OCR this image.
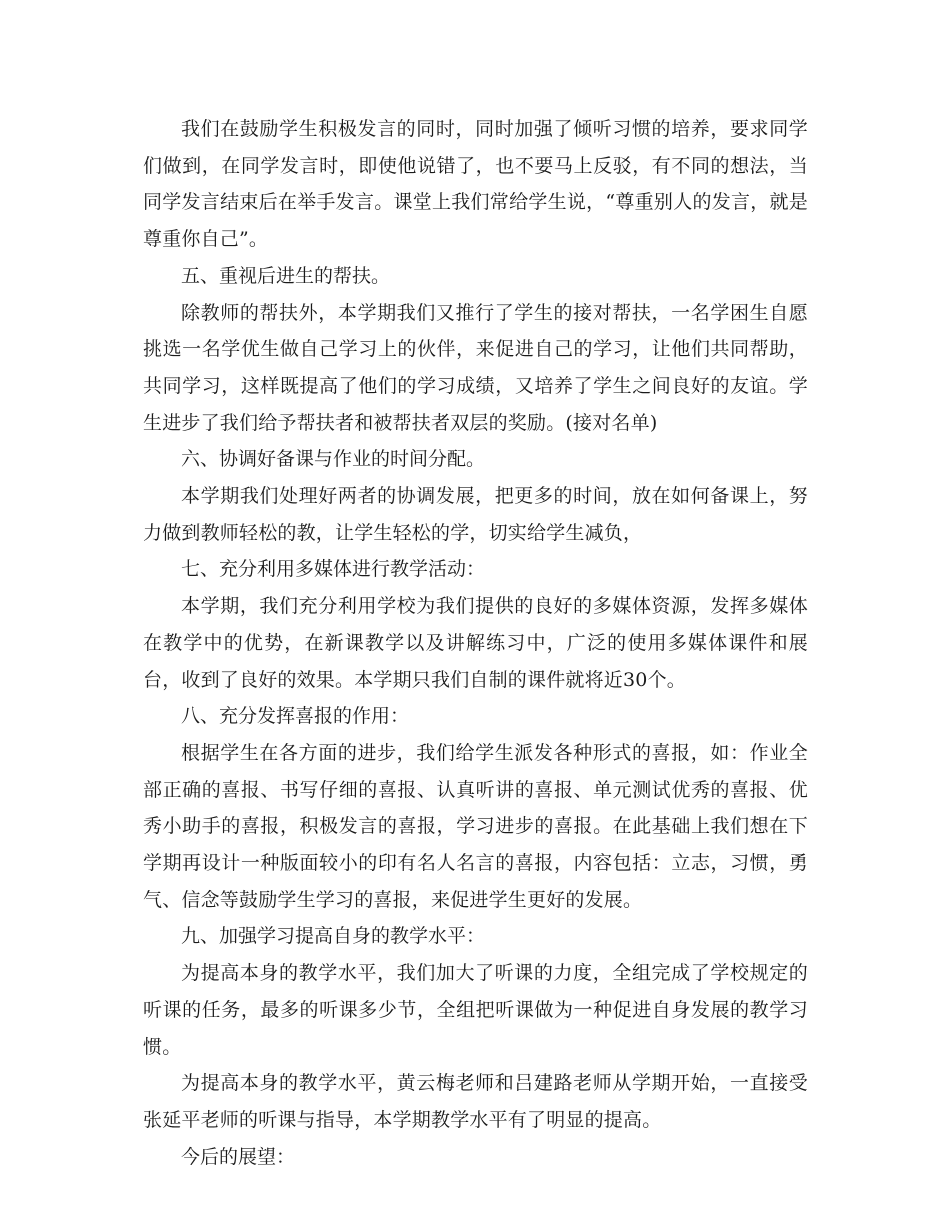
我们在鼓励学生积极发言的同时，同时加强了倾听习惯的培养，要求同学们做到，在同学发言时，即使他说错了，也不要马上反驳，有不同的想法，当同学发言结束后在举手发言。课堂上我们常给学生说，“尊重别人的发言，就是尊重你自己”。

五、重视后进生的帮扶。

除教师的帮扶外，本学期我们又推行了学生的接对帮扶，一名学困生自愿挑选一名学优生做自己学习上的伙伴，来促进自己的学习，让他们共同帮助，共同学习，这样既提高了他们的学习成绩，又培养了学生之间良好的友谊。学生进步了我们给予帮扶者和被帮扶者双层的奖励。(接对名单)

六、协调好备课与作业的时间分配。

本学期我们处理好两者的协调发展，把更多的时间，放在如何备课上，努力做到教师轻松的教，让学生轻松的学，切实给学生减负，

七、充分利用多媒体进行教学活动：

本学期，我们充分利用学校为我们提供的良好的多媒体资源，发挥多媒体在教学中的优势，在新课教学以及讲解练习中，广泛的使用多媒体课件和展台，收到了良好的效果。本学期只我们自制的课件就将近30个。

八、充分发挥喜报的作用：

根据学生在各方面的进步，我们给学生派发各种形式的喜报，如：作业全部正确的喜报、书写仔细的喜报、认真听讲的喜报、单元测试优秀的喜报、优秀小助手的喜报，积极发言的喜报，学习进步的喜报。在此基础上我们想在下学期再设计一种版面较小的印有名人名言的喜报，内容包括：立志，习惯，勇气、信念等鼓励学生学习的喜报，来促进学生更好的发展。

九、加强学习提高自身的教学水平：

为提高本身的教学水平，我们加大了听课的力度，全组完成了学校规定的听课的任务，最多的听课多少节，全组把听课做为一种促进自身发展的教学习惯。

为提高本身的教学水平，黄云梅老师和吕建路老师从学期开始，一直接受张延平老师的听课与指导，本学期教学水平有了明显的提高。

今后的展望：
